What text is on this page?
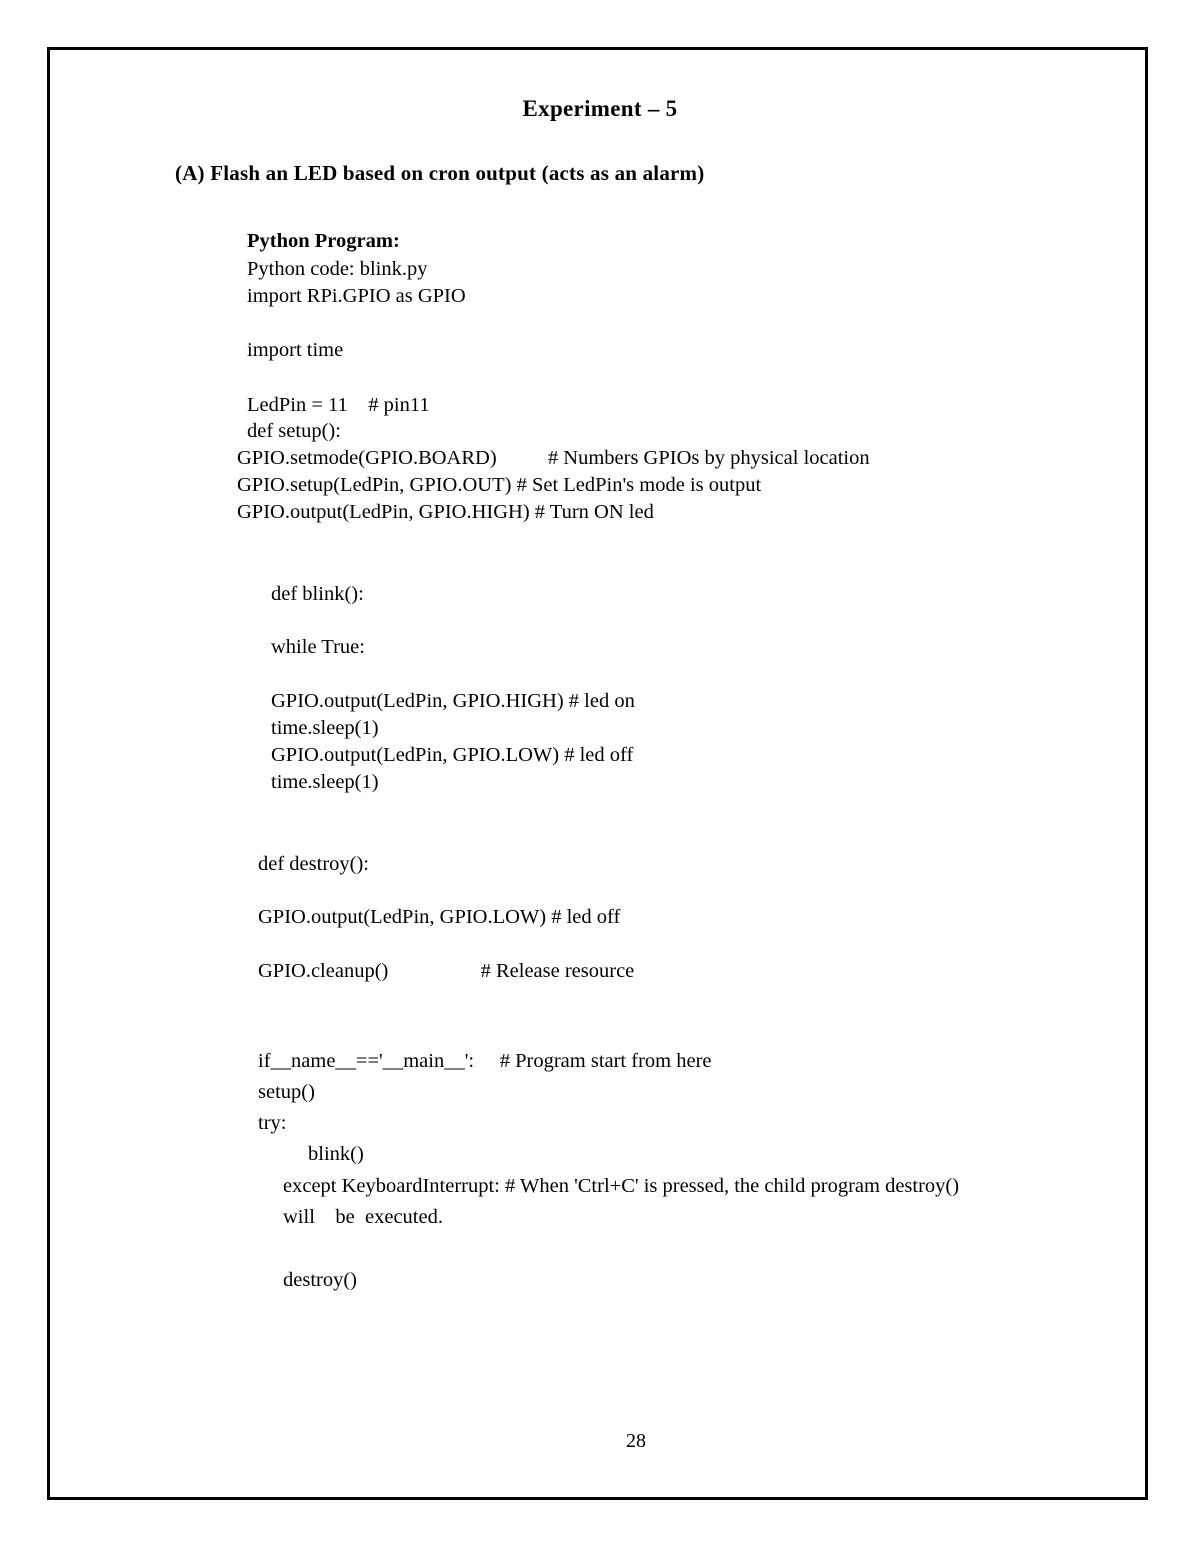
Experiment – 5
(A) Flash an LED based on cron output (acts as an alarm)
Python Program:
Python code: blink.py
import RPi.GPIO as GPIO
import time
LedPin = 11    # pin11
def setup():
GPIO.setmode(GPIO.BOARD)          # Numbers GPIOs by physical location
GPIO.setup(LedPin, GPIO.OUT) # Set LedPin's mode is output
GPIO.output(LedPin, GPIO.HIGH) # Turn ON led
def blink():
while True:
GPIO.output(LedPin, GPIO.HIGH) # led on
time.sleep(1)
GPIO.output(LedPin, GPIO.LOW) # led off
time.sleep(1)
def destroy():
GPIO.output(LedPin, GPIO.LOW) # led off
GPIO.cleanup()                  # Release resource
if__name__=='__main__':     # Program start from here
setup()
try:
blink()
except KeyboardInterrupt: # When 'Ctrl+C' is pressed, the child program destroy()
will    be  executed.
destroy()
28
